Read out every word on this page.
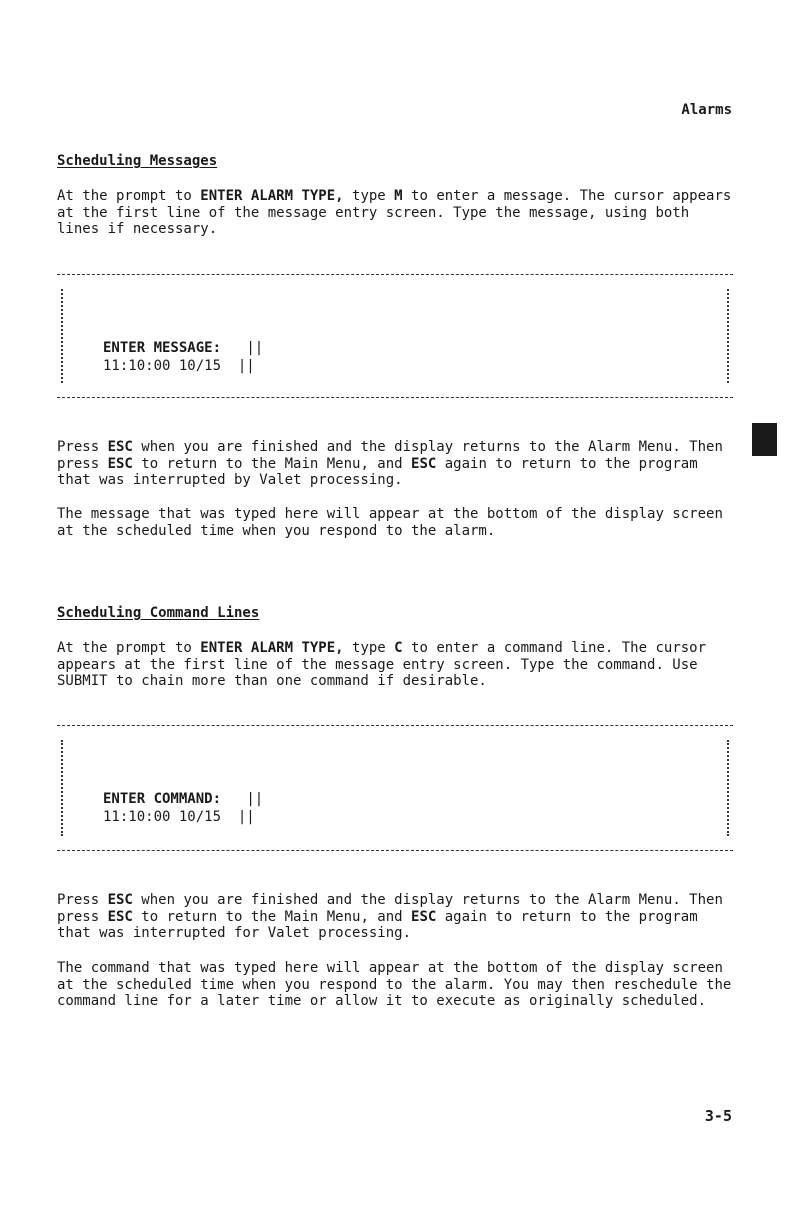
Alarms
Scheduling Messages

At the prompt to ENTER ALARM TYPE, type M to enter a message. The cursor appears at the first line of the message entry screen. Type the message, using both lines if necessary.

ENTER MESSAGE: ||
11:10:00 10/15 ||

Press ESC when you are finished and the display returns to the Alarm Menu. Then press ESC to return to the Main Menu, and ESC again to return to the program that was interrupted by Valet processing.

The message that was typed here will appear at the bottom of the display screen at the scheduled time when you respond to the alarm.

Scheduling Command Lines

At the prompt to ENTER ALARM TYPE, type C to enter a command line. The cursor appears at the first line of the message entry screen. Type the command. Use SUBMIT to chain more than one command if desirable.

ENTER COMMAND: ||
11:10:00 10/15 ||

Press ESC when you are finished and the display returns to the Alarm Menu. Then press ESC to return to the Main Menu, and ESC again to return to the program that was interrupted for Valet processing.

The command that was typed here will appear at the bottom of the display screen at the scheduled time when you respond to the alarm. You may then reschedule the command line for a later time or allow it to execute as originally scheduled.

3-5
